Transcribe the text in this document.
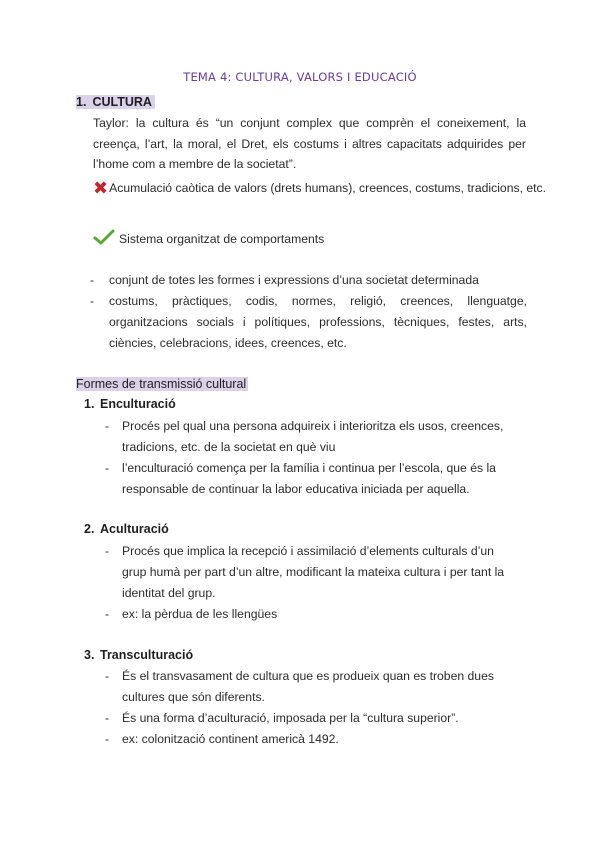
TEMA 4: CULTURA, VALORS I EDUCACIÓ
1. CULTURA
Taylor: la cultura és “un conjunt complex que comprèn el coneixement, la creença, l’art, la moral, el Dret, els costums i altres capacitats adquirides per l’home com a membre de la societat”.
✖Acumulació caòtica de valors (drets humans), creences, costums, tradicions, etc.
Sistema organitzat de comportaments
- conjunt de totes les formes i expressions d’una societat determinada
- costums, pràctiques, codis, normes, religió, creences, llenguatge, organitzacions socials i polítiques, professions, tècniques, festes, arts, ciències, celebracions, idees, creences, etc.
Formes de transmissió cultural
1. Enculturació
- Procés pel qual una persona adquireix i interioritza els usos, creences, tradicions, etc. de la societat en què viu
- l’enculturació comença per la família i continua per l’escola, que és la responsable de continuar la labor educativa iniciada per aquella.
2. Aculturació
- Procés que implica la recepció i assimilació d’elements culturals d’un grup humà per part d’un altre, modificant la mateixa cultura i per tant la identitat del grup.
- ex: la pèrdua de les llengües
3. Transculturació
- És el transvasament de cultura que es produeix quan es troben dues cultures que són diferents.
- És una forma d’aculturació, imposada per la “cultura superior”.
- ex: colonització continent americà 1492.
